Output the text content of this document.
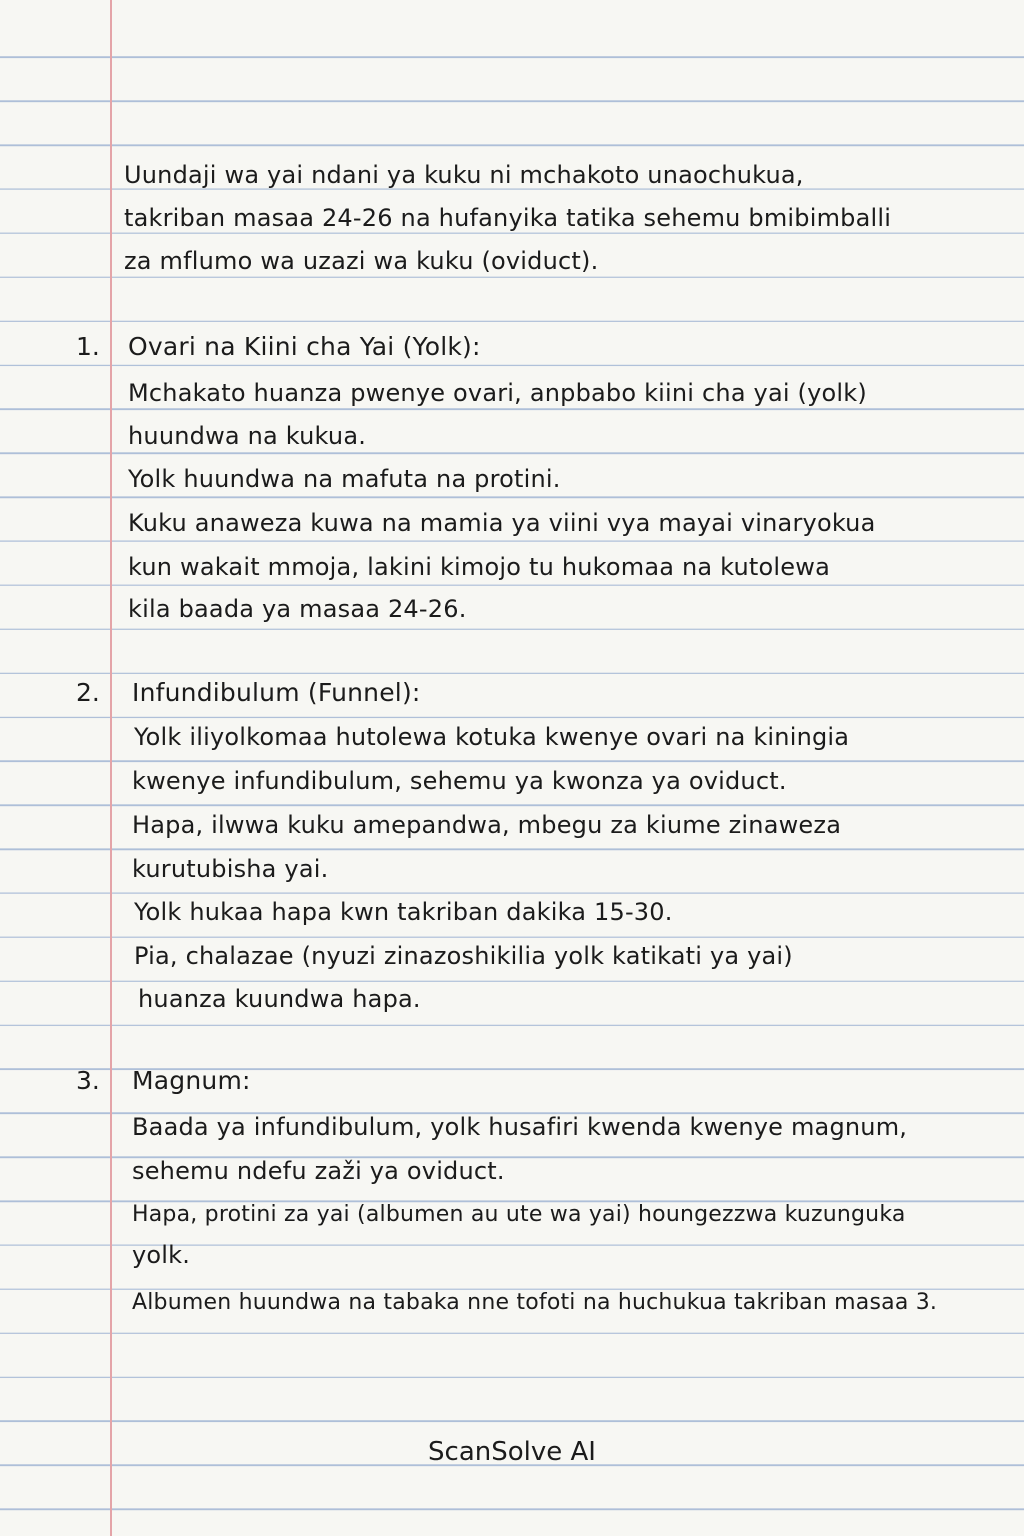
Uundaji wa yai ndani ya kuku ni mchakoto unaochukua,
takriban masaa 24-26 na hufanyika tatika sehemu bmibimballi
za mflumo wa uzazi wa kuku (oviduct).
1. Ovari na Kiini cha Yai (Yolk):
Mchakato huanza pwenye ovari, anpbabo kiini cha yai (yolk)
huundwa na kukua.
Yolk huundwa na mafuta na protini.
Kuku anaweza kuwa na mamia ya viini vya mayai vinaryokua
kun wakait mmoja, lakini kimojo tu hukomaa na kutolewa
kila baada ya masaa 24-26.
2. Infundibulum (Funnel):
Yolk iliyolkomaa hutolewa kotuka kwenye ovari na kiningia
kwenye infundibulum, sehemu ya kwonza ya oviduct.
Hapa, ilwwa kuku amepandwa, mbegu za kiume zinaweza
kurutubisha yai.
Yolk hukaa hapa kwn takriban dakika 15-30.
Pia, chalazae (nyuzi zinazoshikilia yolk katikati ya yai)
huanza kuundwa hapa.
3. Magnum:
Baada ya infundibulum, yolk husafiri kwenda kwenye magnum,
sehemu ndefu zaži ya oviduct.
Hapa, protini za yai (albumen au ute wa yai) houngezzwa kuzunguka
yolk.
Albumen huundwa na tabaka nne tofoti na huchukua takriban masaa 3.
ScanSolve AI
